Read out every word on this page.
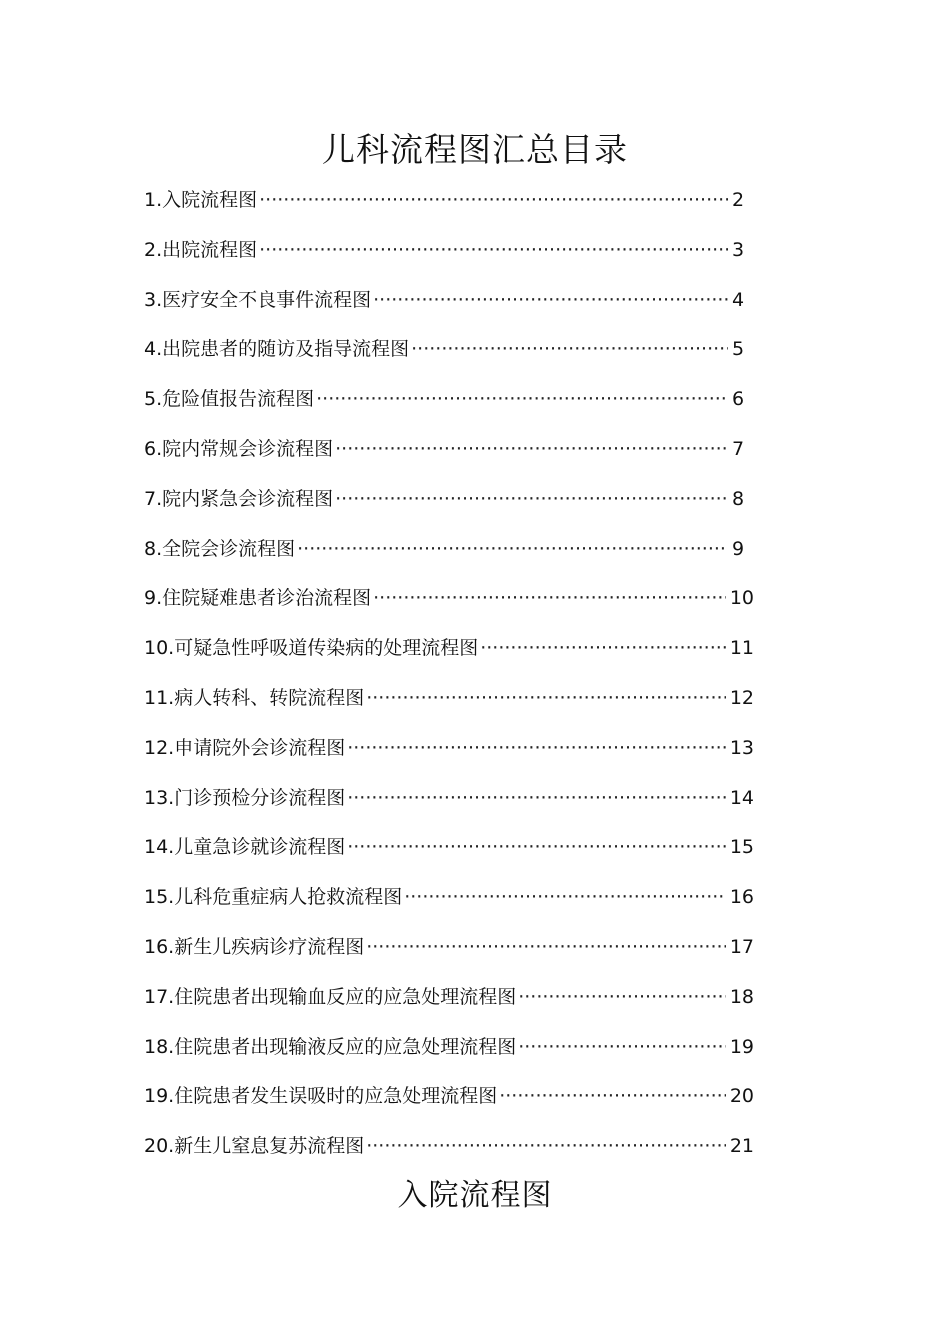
儿科流程图汇总目录
1.入院流程图 ·····	2
2.出院流程图 ·····	3
3.医疗安全不良事件流程图 ·····	4
4.出院患者的随访及指导流程图 ·····	5
5.危险值报告流程图 ·····	6
6.院内常规会诊流程图 ·····	7
7.院内紧急会诊流程图 ·····	8
8.全院会诊流程图 ·····	9
9.住院疑难患者诊治流程图 ·····	10
10.可疑急性呼吸道传染病的处理流程图 ·····	11
11.病人转科、转院流程图 ·····	12
12.申请院外会诊流程图 ·····	13
13.门诊预检分诊流程图 ·····	14
14.儿童急诊就诊流程图 ·····	15
15.儿科危重症病人抢救流程图 ·····	16
16.新生儿疾病诊疗流程图 ·····	17
17.住院患者出现输血反应的应急处理流程图 ·····	18
18.住院患者出现输液反应的应急处理流程图 ·····	19
19.住院患者发生误吸时的应急处理流程图 ·····	20
20.新生儿窒息复苏流程图 ·····	21
入院流程图
